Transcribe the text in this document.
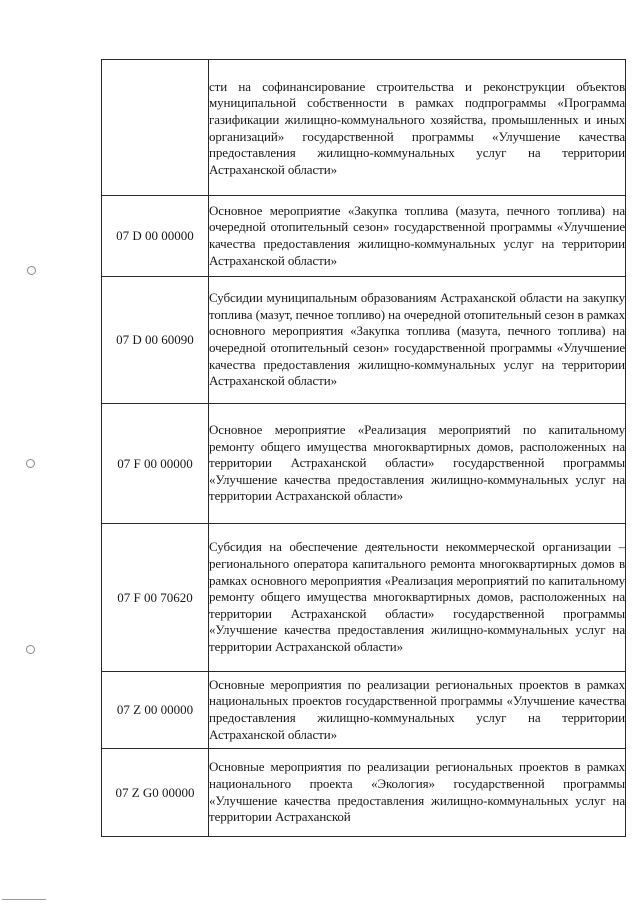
	сти на софинансирование строительства и реконструкции объектов муниципальной собственности в рамках подпрограммы «Программа газификации жилищно-коммунального хозяйства, промышленных и иных организаций» государственной программы «Улучшение качества предоставления жилищно-коммунальных услуг на территории Астраханской области»
07 D 00 00000	Основное мероприятие «Закупка топлива (мазута, печного топлива) на очередной отопительный сезон» государственной программы «Улучшение качества предоставления жилищно-коммунальных услуг на территории Астраханской области»
07 D 00 60090	Субсидии муниципальным образованиям Астраханской области на закупку топлива (мазут, печное топливо) на очередной отопительный сезон в рамках основного мероприятия «Закупка топлива (мазута, печного топлива) на очередной отопительный сезон» государственной программы «Улучшение качества предоставления жилищно-коммунальных услуг на территории Астраханской области»
07 F 00 00000	Основное мероприятие «Реализация мероприятий по капитальному ремонту общего имущества многоквартирных домов, расположенных на территории Астраханской области» государственной программы «Улучшение качества предоставления жилищно-коммунальных услуг на территории Астраханской области»
07 F 00 70620	Субсидия на обеспечение деятельности некоммерческой организации – регионального оператора капитального ремонта многоквартирных домов в рамках основного мероприятия «Реализация мероприятий по капитальному ремонту общего имущества многоквартирных домов, расположенных на территории Астраханской области» государственной программы «Улучшение качества предоставления жилищно-коммунальных услуг на территории Астраханской области»
07 Z 00 00000	Основные мероприятия по реализации региональных проектов в рамках национальных проектов государственной программы «Улучшение качества предоставления жилищно-коммунальных услуг на территории Астраханской области»
07 Z G0 00000	Основные мероприятия по реализации региональных проектов в рамках национального проекта «Экология» государственной программы «Улучшение качества предоставления жилищно-коммунальных услуг на территории Астраханской
